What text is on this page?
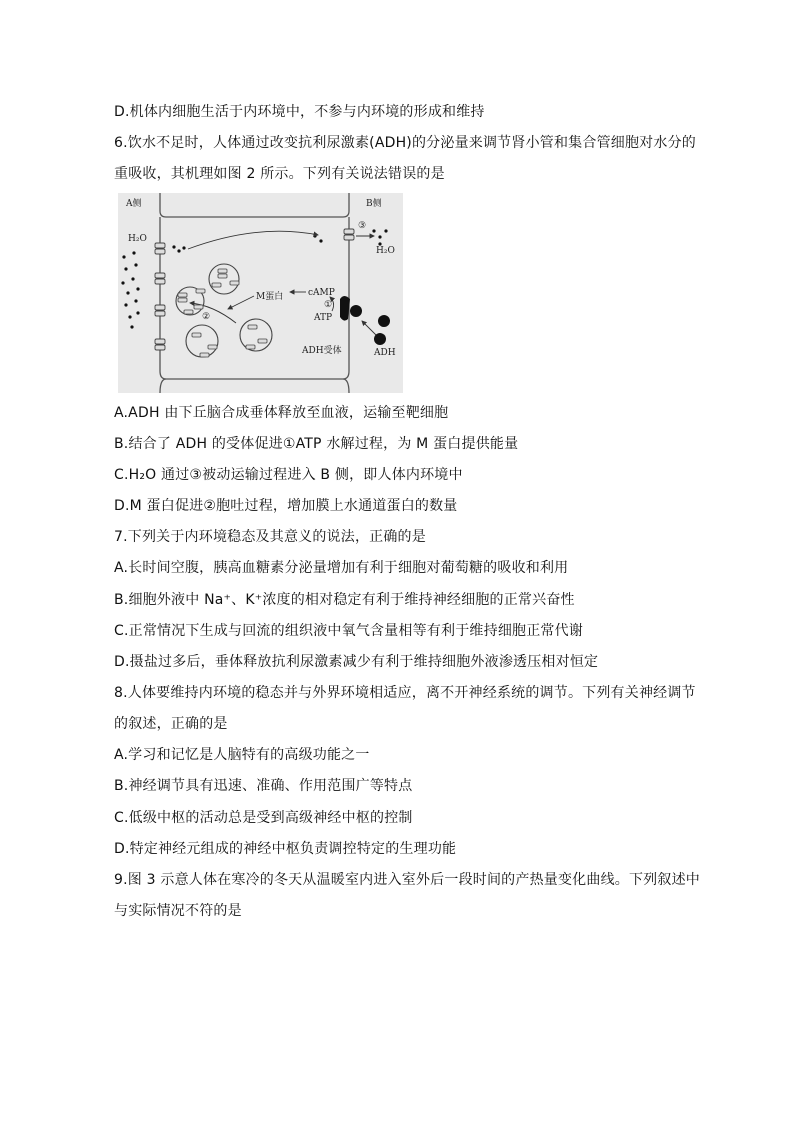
D.机体内细胞生活于内环境中，不参与内环境的形成和维持
6.饮水不足时，人体通过改变抗利尿激素(ADH)的分泌量来调节肾小管和集合管细胞对水分的
重吸收，其机理如图 2 所示。下列有关说法错误的是
A侧	B侧
H₂O
H₂O
M蛋白	cAMP
①
ATP
②
③
ADH受体	ADH
A.ADH 由下丘脑合成垂体释放至血液，运输至靶细胞
B.结合了 ADH 的受体促进①ATP 水解过程，为 M 蛋白提供能量
C.H₂O 通过③被动运输过程进入 B 侧，即人体内环境中
D.M 蛋白促进②胞吐过程，增加膜上水通道蛋白的数量
7.下列关于内环境稳态及其意义的说法，正确的是
A.长时间空腹，胰高血糖素分泌量增加有利于细胞对葡萄糖的吸收和利用
B.细胞外液中 Na⁺、K⁺浓度的相对稳定有利于维持神经细胞的正常兴奋性
C.正常情况下生成与回流的组织液中氧气含量相等有利于维持细胞正常代谢
D.摄盐过多后，垂体释放抗利尿激素减少有利于维持细胞外液渗透压相对恒定
8.人体要维持内环境的稳态并与外界环境相适应，离不开神经系统的调节。下列有关神经调节
的叙述，正确的是
A.学习和记忆是人脑特有的高级功能之一
B.神经调节具有迅速、准确、作用范围广等特点
C.低级中枢的活动总是受到高级神经中枢的控制
D.特定神经元组成的神经中枢负责调控特定的生理功能
9.图 3 示意人体在寒冷的冬天从温暖室内进入室外后一段时间的产热量变化曲线。下列叙述中
与实际情况不符的是
